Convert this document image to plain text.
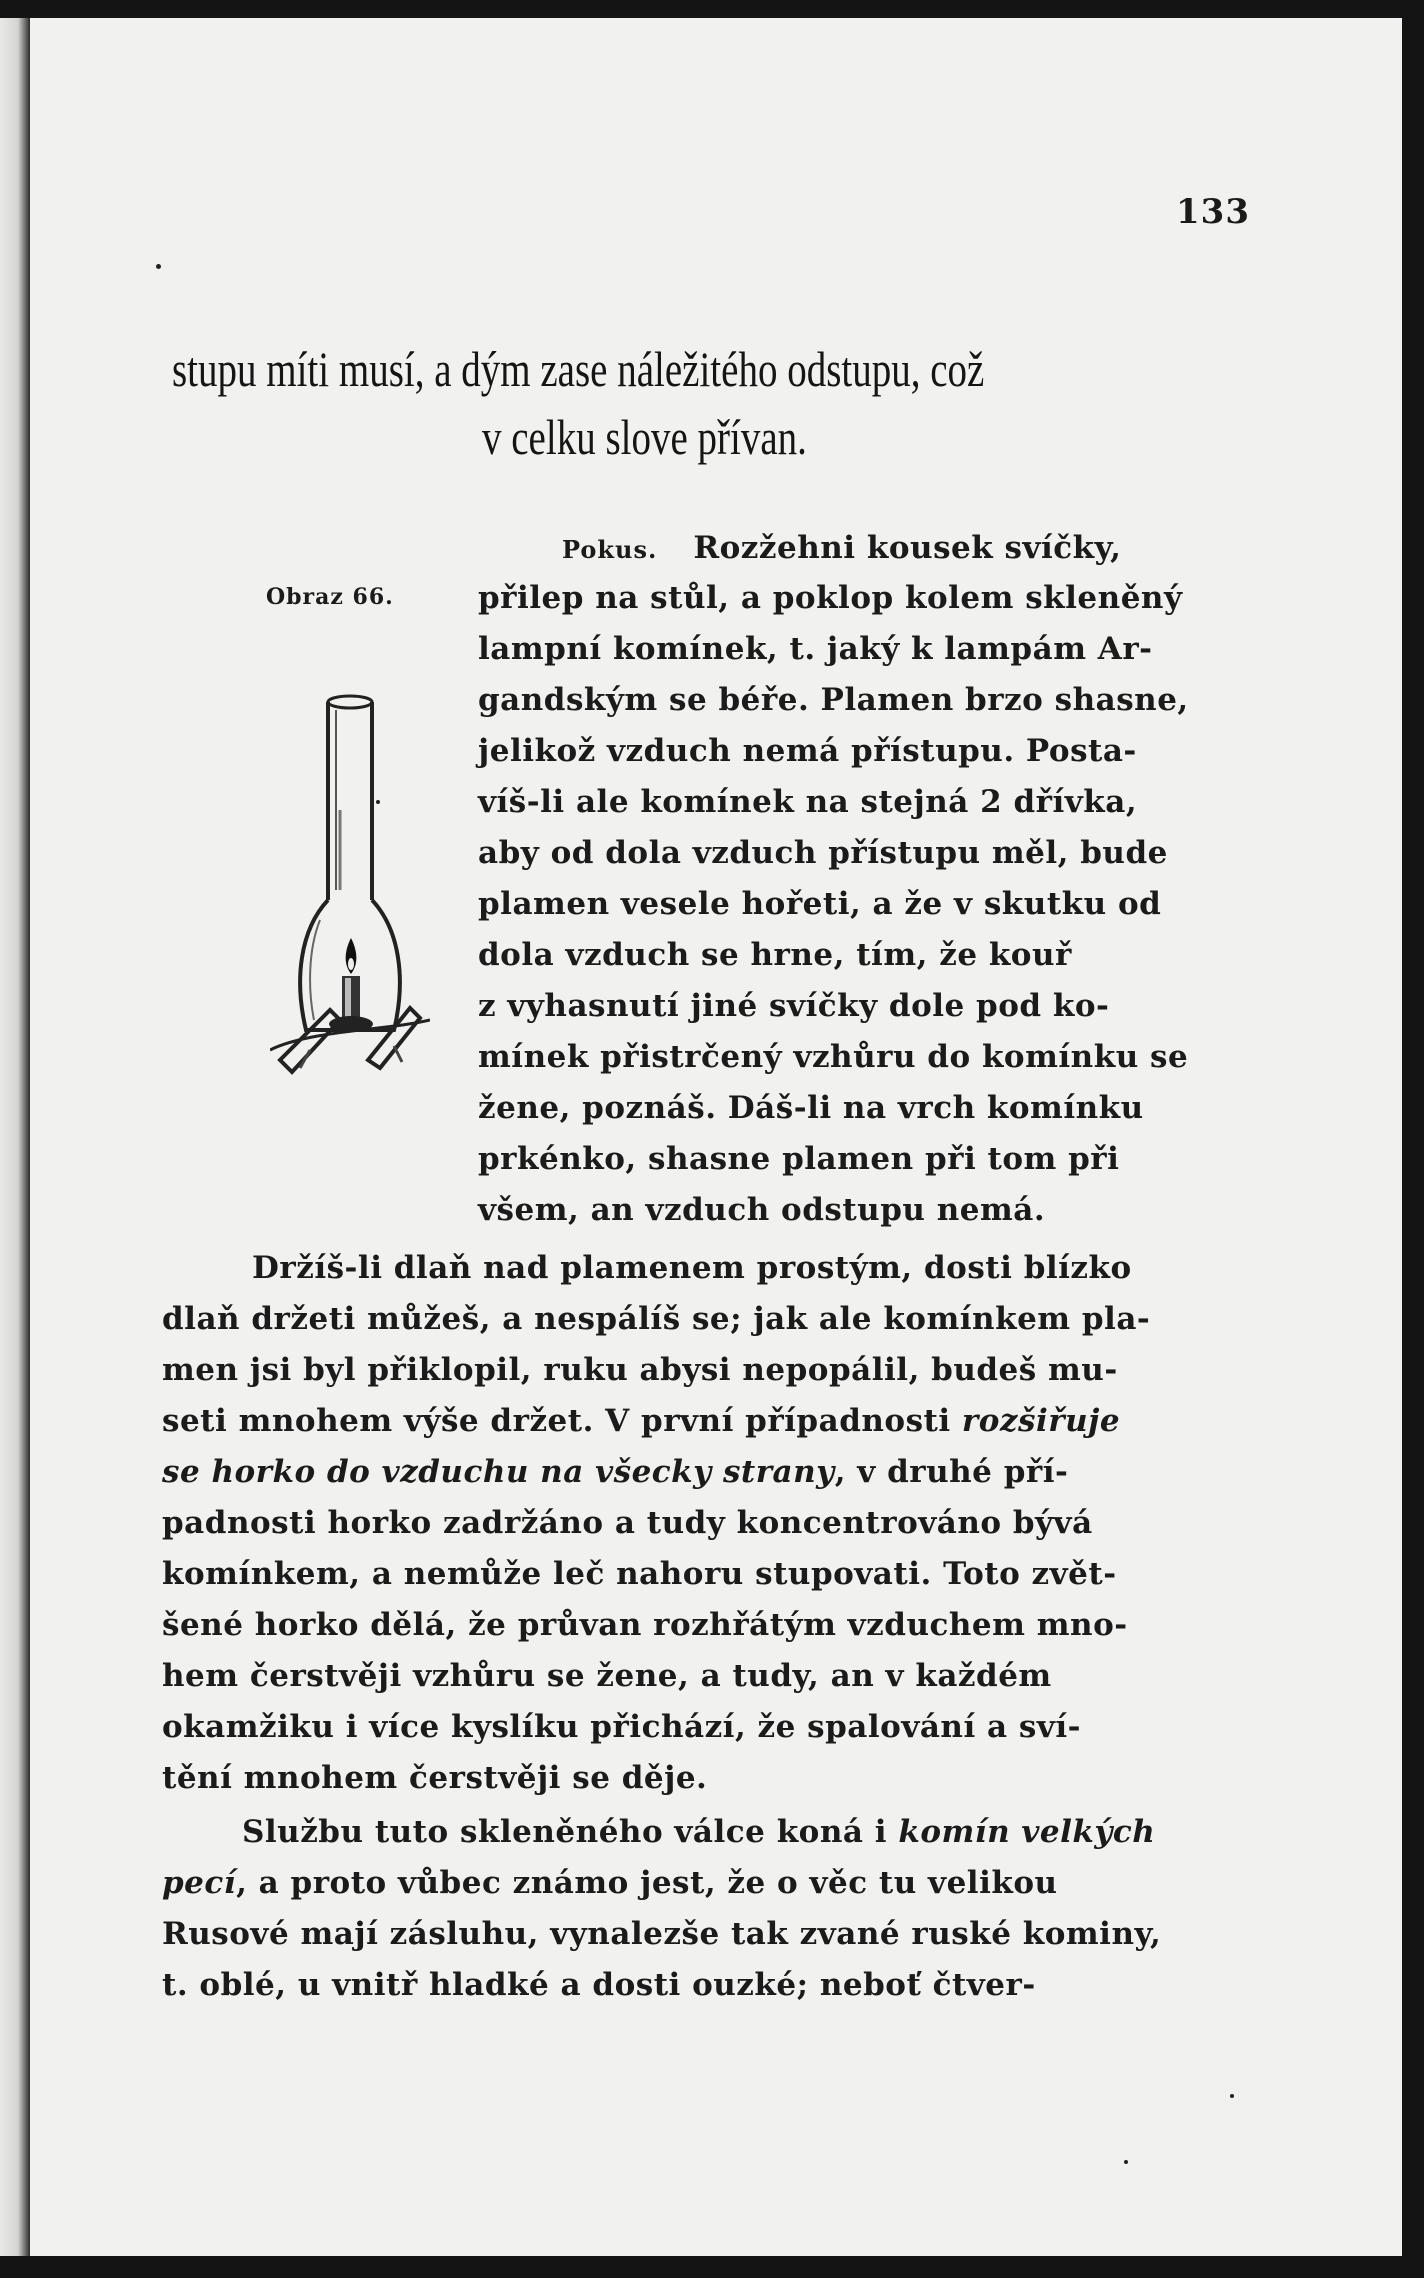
133
stupu míti musí, a dým zase náležitého odstupu, což
v celku slove přívan.
Obraz 66.
Pokus. Rozžehni kousek svíčky,
přilep na stůl, a poklop kolem skleněný
lampní komínek, t. jaký k lampám Ar-
gandským se béře. Plamen brzo shasne,
jelikož vzduch nemá přístupu. Posta-
víš-li ale komínek na stejná 2 dřívka,
aby od dola vzduch přístupu měl, bude
plamen vesele hořeti, a že v skutku od
dola vzduch se hrne, tím, že kouř
z vyhasnutí jiné svíčky dole pod ko-
mínek přistrčený vzhůru do komínku se
žene, poznáš. Dáš-li na vrch komínku
prkénko, shasne plamen při tom při
všem, an vzduch odstupu nemá.
Držíš-li dlaň nad plamenem prostým, dosti blízko
dlaň držeti můžeš, a nespálíš se; jak ale komínkem pla-
men jsi byl přiklopil, ruku abysi nepopálil, budeš mu-
seti mnohem výše držet. V první případnosti rozšiřuje
se horko do vzduchu na všecky strany, v druhé pří-
padnosti horko zadržáno a tudy koncentrováno bývá
komínkem, a nemůže leč nahoru stupovati. Toto zvět-
šené horko dělá, že průvan rozhřátým vzduchem mno-
hem čerstvěji vzhůru se žene, a tudy, an v každém
okamžiku i více kyslíku přichází, že spalování a sví-
tění mnohem čerstvěji se děje.
Službu tuto skleněného válce koná i komín velkých
pecí, a proto vůbec známo jest, že o věc tu velikou
Rusové mají zásluhu, vynalezše tak zvané ruské kominy,
t. oblé, u vnitř hladké a dosti ouzké; neboť čtver-
